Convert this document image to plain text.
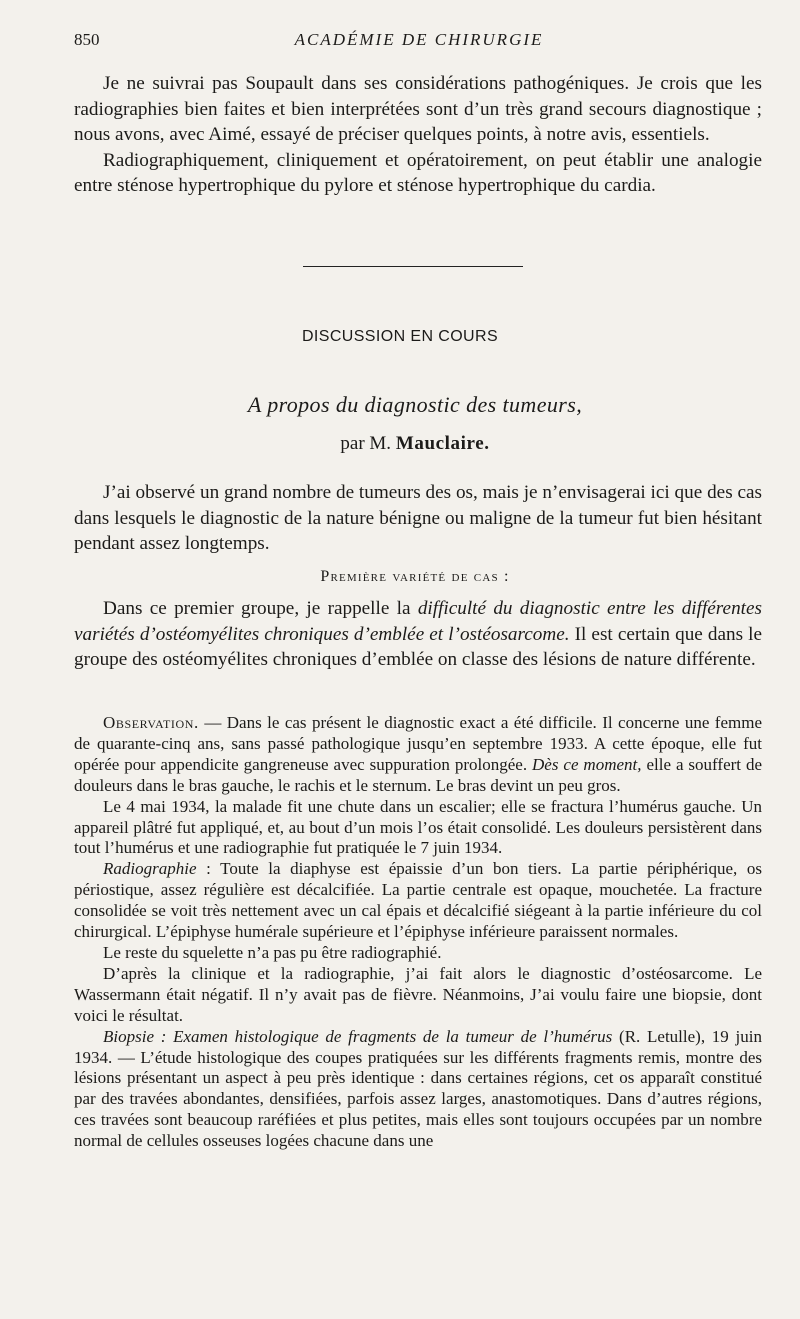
850	ACADÉMIE DE CHIRURGIE

Je ne suivrai pas Soupault dans ses considérations pathogéniques. Je crois que les radiographies bien faites et bien interprétées sont d’un très grand secours diagnostique ; nous avons, avec Aimé, essayé de préciser quelques points, à notre avis, essentiels.

Radiographiquement, cliniquement et opératoirement, on peut établir une analogie entre sténose hypertrophique du pylore et sténose hypertrophique du cardia.

DISCUSSION EN COURS
A propos du diagnostic des tumeurs,
par M. Mauclaire.

J’ai observé un grand nombre de tumeurs des os, mais je n’envisagerai ici que des cas dans lesquels le diagnostic de la nature bénigne ou maligne de la tumeur fut bien hésitant pendant assez longtemps.

Première variété de cas :

Dans ce premier groupe, je rappelle la difficulté du diagnostic entre les différentes variétés d’ostéomyélites chroniques d’emblée et l’ostéosarcome. Il est certain que dans le groupe des ostéomyélites chroniques d’emblée on classe des lésions de nature différente.

Observation. — Dans le cas présent le diagnostic exact a été difficile. Il concerne une femme de quarante-cinq ans, sans passé pathologique jusqu’en septembre 1933. A cette époque, elle fut opérée pour appendicite gangreneuse avec suppuration prolongée. Dès ce moment, elle a souffert de douleurs dans le bras gauche, le rachis et le sternum. Le bras devint un peu gros.

Le 4 mai 1934, la malade fit une chute dans un escalier; elle se fractura l’humérus gauche. Un appareil plâtré fut appliqué, et, au bout d’un mois l’os était consolidé. Les douleurs persistèrent dans tout l’humérus et une radiographie fut pratiquée le 7 juin 1934.

Radiographie : Toute la diaphyse est épaissie d’un bon tiers. La partie périphérique, os périostique, assez régulière est décalcifiée. La partie centrale est opaque, mouchetée. La fracture consolidée se voit très nettement avec un cal épais et décalcifié siégeant à la partie inférieure du col chirurgical. L’épiphyse humérale supérieure et l’épiphyse inférieure paraissent normales.

Le reste du squelette n’a pas pu être radiographié.

D’après la clinique et la radiographie, j’ai fait alors le diagnostic d’ostéosarcome. Le Wassermann était négatif. Il n’y avait pas de fièvre. Néanmoins, J’ai voulu faire une biopsie, dont voici le résultat.

Biopsie : Examen histologique de fragments de la tumeur de l’humérus (R. Letulle), 19 juin 1934. — L’étude histologique des coupes pratiquées sur les différents fragments remis, montre des lésions présentant un aspect à peu près identique : dans certaines régions, cet os apparaît constitué par des travées abondantes, densifiées, parfois assez larges, anastomotiques. Dans d’autres régions, ces travées sont beaucoup raréfiées et plus petites, mais elles sont toujours occupées par un nombre normal de cellules osseuses logées chacune dans une
